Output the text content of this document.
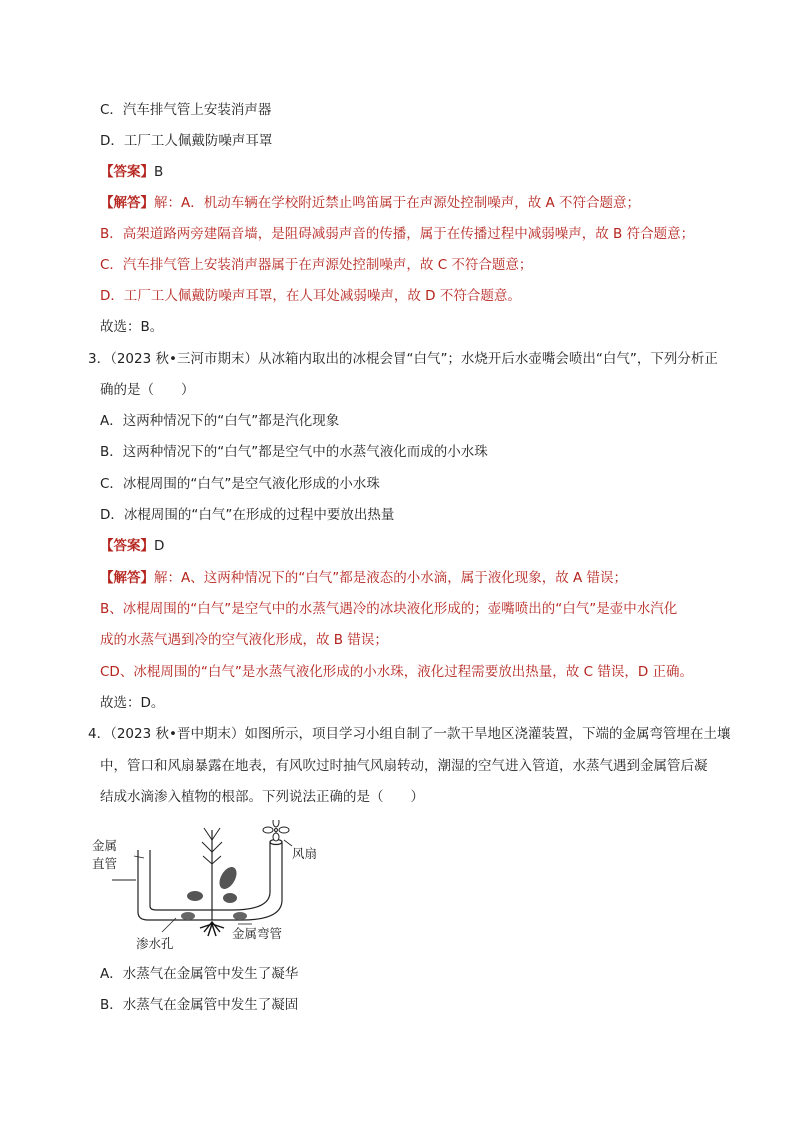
C．汽车排气管上安装消声器
D．工厂工人佩戴防噪声耳罩
【答案】B
【解答】解：A．机动车辆在学校附近禁止鸣笛属于在声源处控制噪声，故 A 不符合题意；
B．高架道路两旁建隔音墙，是阻碍减弱声音的传播，属于在传播过程中减弱噪声，故 B 符合题意；
C．汽车排气管上安装消声器属于在声源处控制噪声，故 C 不符合题意；
D．工厂工人佩戴防噪声耳罩，在人耳处减弱噪声，故 D 不符合题意。
故选：B。
3．（2023 秋•三河市期末）从冰箱内取出的冰棍会冒“白气”；水烧开后水壶嘴会喷出“白气”，下列分析正
确的是（　　）
A．这两种情况下的“白气”都是汽化现象
B．这两种情况下的“白气”都是空气中的水蒸气液化而成的小水珠
C．冰棍周围的“白气”是空气液化形成的小水珠
D．冰棍周围的“白气”在形成的过程中要放出热量
【答案】D
【解答】解：A、这两种情况下的“白气”都是液态的小水滴，属于液化现象，故 A 错误；
B、冰棍周围的“白气”是空气中的水蒸气遇冷的冰块液化形成的；壶嘴喷出的“白气”是壶中水汽化
成的水蒸气遇到冷的空气液化形成，故 B 错误；
CD、冰棍周围的“白气”是水蒸气液化形成的小水珠，液化过程需要放出热量，故 C 错误，D 正确。
故选：D。
4．（2023 秋•晋中期末）如图所示，项目学习小组自制了一款干旱地区浇灌装置，下端的金属弯管埋在土壤
中，管口和风扇暴露在地表，有风吹过时抽气风扇转动，潮湿的空气进入管道，水蒸气遇到金属管后凝
结成水滴渗入植物的根部。下列说法正确的是（　　）
金属
直管
风扇
渗水孔
金属弯管
A．水蒸气在金属管中发生了凝华
B．水蒸气在金属管中发生了凝固
